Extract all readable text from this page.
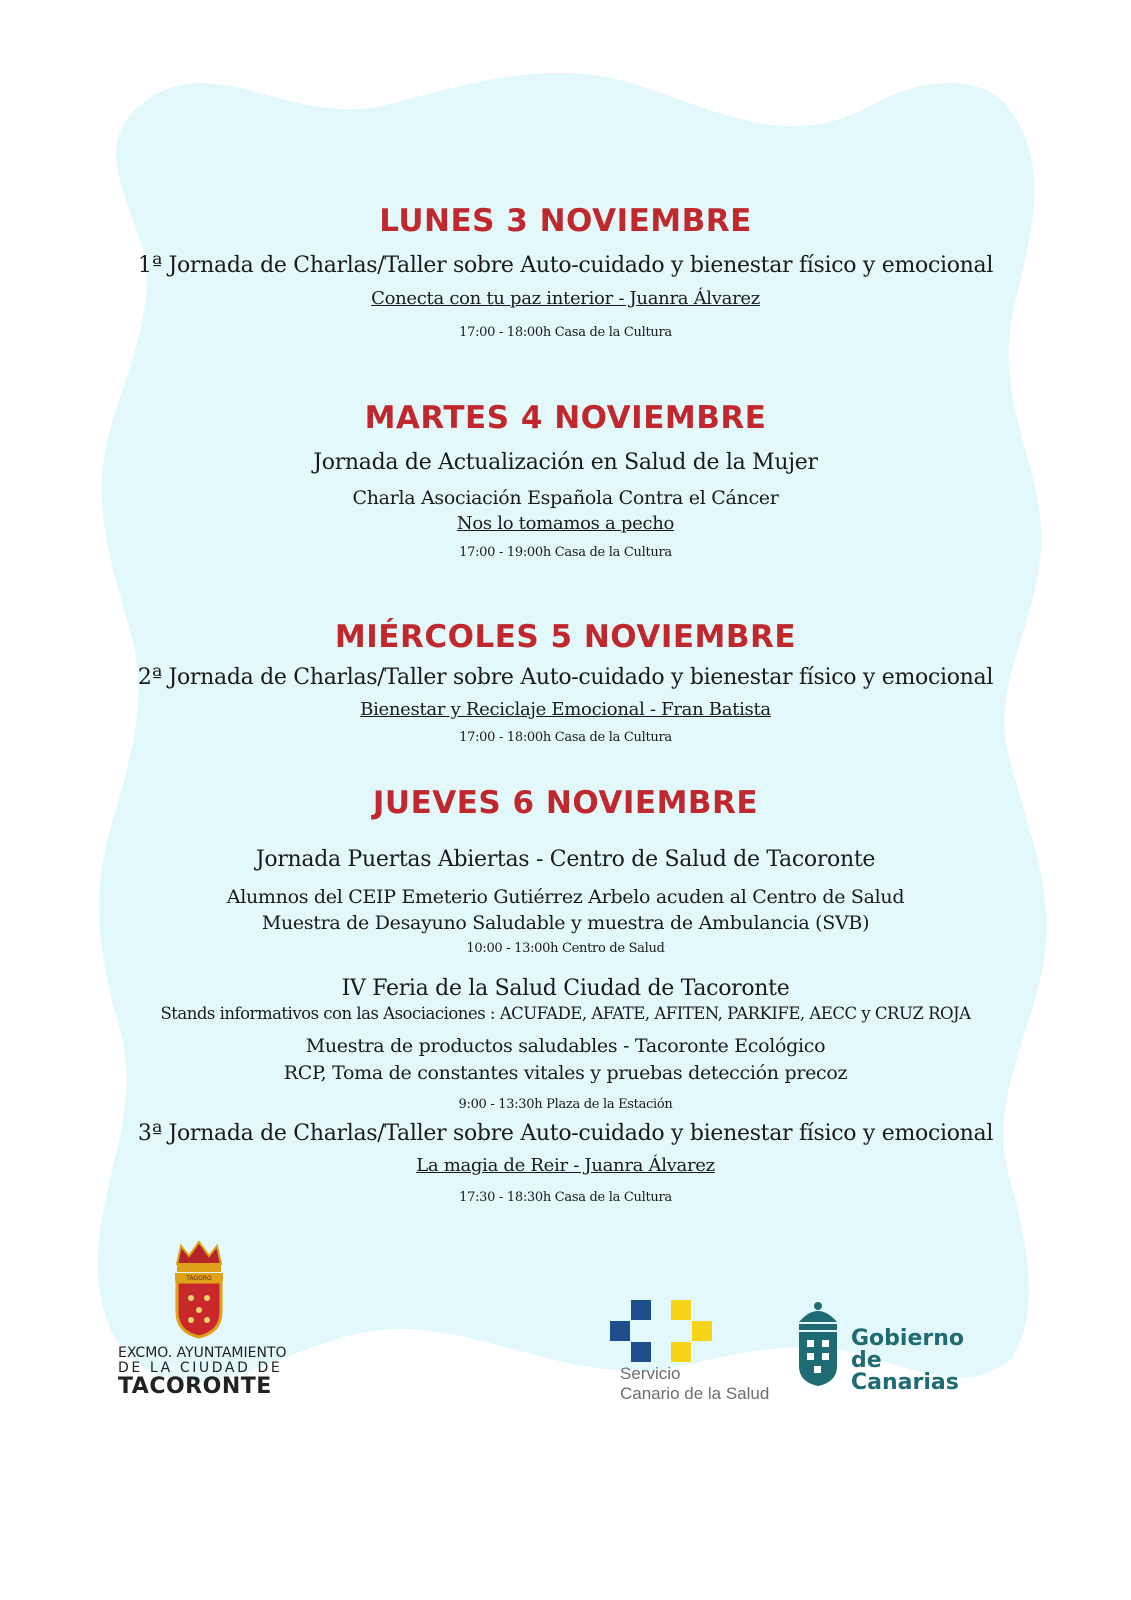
LUNES 3 NOVIEMBRE
1ª Jornada de Charlas/Taller sobre Auto-cuidado y bienestar físico y emocional
Conecta con tu paz interior - Juanra Álvarez
17:00 - 18:00h Casa de la Cultura
MARTES 4 NOVIEMBRE
Jornada de Actualización en Salud de la Mujer
Charla Asociación Española Contra el Cáncer
Nos lo tomamos a pecho
17:00 - 19:00h Casa de la Cultura
MIÉRCOLES 5 NOVIEMBRE
2ª Jornada de Charlas/Taller sobre Auto-cuidado y bienestar físico y emocional
Bienestar y Reciclaje Emocional - Fran Batista
17:00 - 18:00h Casa de la Cultura
JUEVES 6 NOVIEMBRE
Jornada Puertas Abiertas - Centro de Salud de Tacoronte
Alumnos del CEIP Emeterio Gutiérrez Arbelo acuden al Centro de Salud
Muestra de Desayuno Saludable y muestra de Ambulancia (SVB)
10:00 - 13:00h Centro de Salud
IV Feria de la Salud Ciudad de Tacoronte
Stands informativos con las Asociaciones : ACUFADE, AFATE, AFITEN, PARKIFE, AECC y CRUZ ROJA
Muestra de productos saludables - Tacoronte Ecológico
RCP, Toma de constantes vitales y pruebas detección precoz
9:00 - 13:30h Plaza de la Estación
3ª Jornada de Charlas/Taller sobre Auto-cuidado y bienestar físico y emocional
La magia de Reir - Juanra Álvarez
17:30 - 18:30h Casa de la Cultura
TAGORO
EXCMO. AYUNTAMIENTO
DE LA CIUDAD DE
TACORONTE
Servicio
Canario de la Salud
Gobierno
de Canarias
